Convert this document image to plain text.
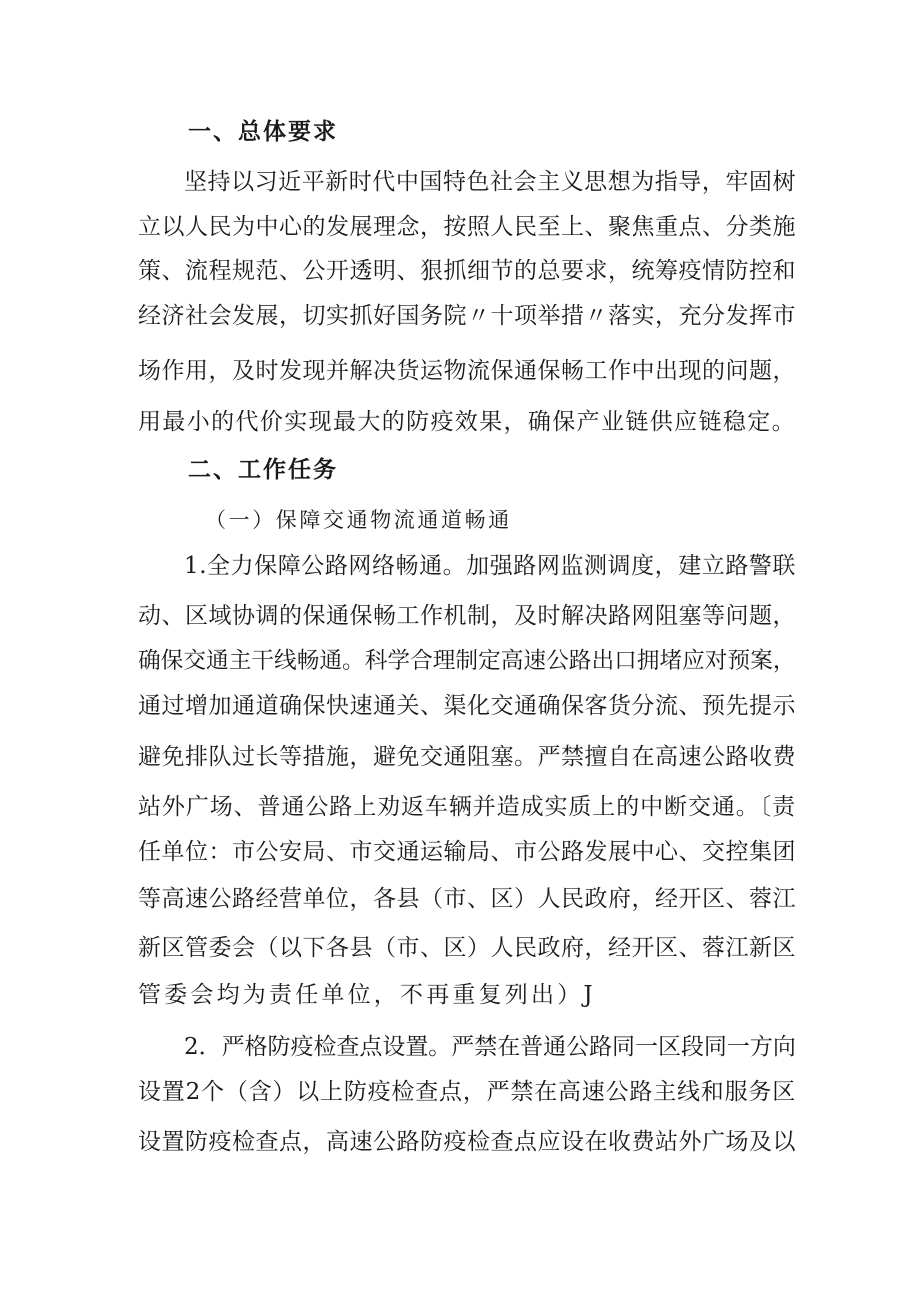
一、总体要求
坚持以习近平新时代中国特色社会主义思想为指导，牢固树
立以人民为中心的发展理念，按照人民至上、聚焦重点、分类施
策、流程规范、公开透明、狠抓细节的总要求，统筹疫情防控和
经济社会发展，切实抓好国务院〃十项举措〃落实，充分发挥市
场作用，及时发现并解决货运物流保通保畅工作中出现的问题，
用最小的代价实现最大的防疫效果，确保产业链供应链稳定。
二、工作任务
（一）保障交通物流通道畅通
1.全力保障公路网络畅通。加强路网监测调度，建立路警联
动、区域协调的保通保畅工作机制，及时解决路网阻塞等问题，
确保交通主干线畅通。科学合理制定高速公路出口拥堵应对预案，
通过增加通道确保快速通关、渠化交通确保客货分流、预先提示
避免排队过长等措施，避免交通阻塞。严禁擅自在高速公路收费
站外广场、普通公路上劝返车辆并造成实质上的中断交通。〔责
任单位：市公安局、市交通运输局、市公路发展中心、交控集团
等高速公路经营单位，各县（市、区）人民政府，经开区、蓉江
新区管委会（以下各县（市、区）人民政府，经开区、蓉江新区
管委会均为责任单位，不再重复列出）J
2．严格防疫检查点设置。严禁在普通公路同一区段同一方向
设置2个（含）以上防疫检查点，严禁在高速公路主线和服务区
设置防疫检查点，高速公路防疫检查点应设在收费站外广场及以
